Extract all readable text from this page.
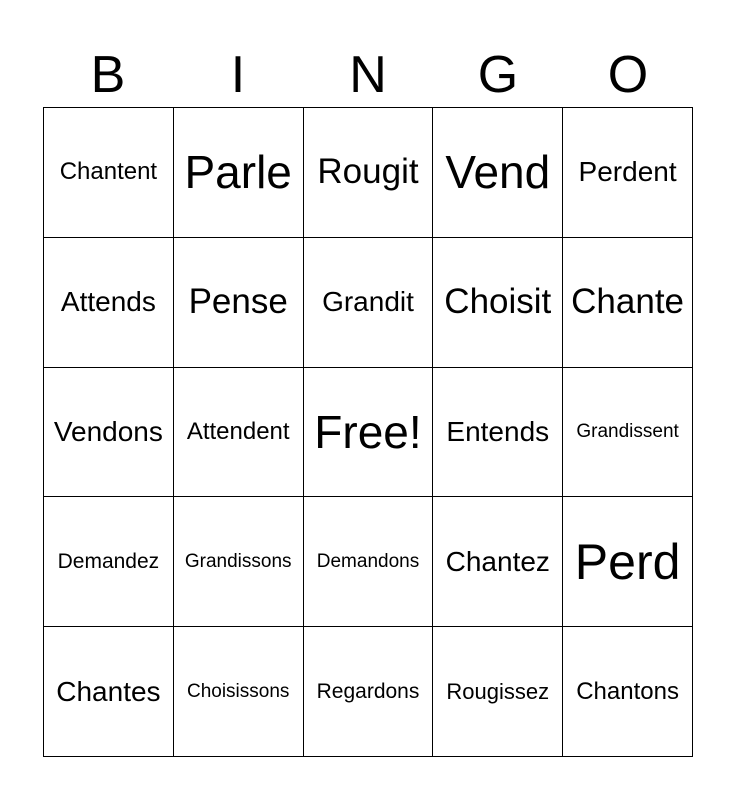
B	I	N	G	O
Chantent	Parle	Rougit	Vend	Perdent
Attends	Pense	Grandit	Choisit	Chante
Vendons	Attendent	Free!	Entends	Grandissent
Demandez	Grandissons	Demandons	Chantez	Perd
Chantes	Choisissons	Regardons	Rougissez	Chantons
